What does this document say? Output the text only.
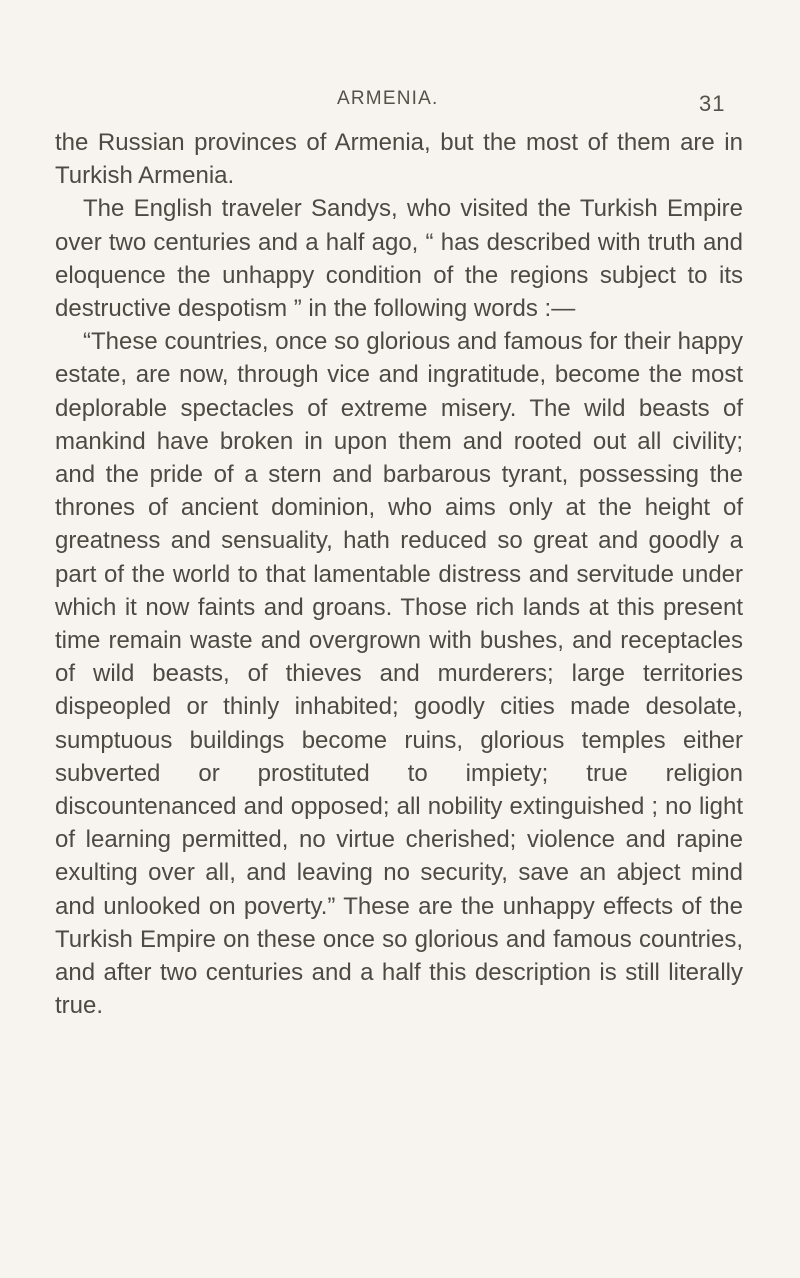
ARMENIA.	31

the Russian provinces of Armenia, but the most of them are in Turkish Armenia.

The English traveler Sandys, who visited the Turkish Empire over two centuries and a half ago, “ has described with truth and eloquence the unhappy condition of the regions subject to its destructive despotism ” in the following words :—

“These countries, once so glorious and famous for their happy estate, are now, through vice and ingratitude, become the most deplorable spectacles of extreme misery. The wild beasts of mankind have broken in upon them and rooted out all civility; and the pride of a stern and barbarous tyrant, possessing the thrones of ancient dominion, who aims only at the height of greatness and sensuality, hath reduced so great and goodly a part of the world to that lamentable distress and servitude under which it now faints and groans. Those rich lands at this present time remain waste and overgrown with bushes, and receptacles of wild beasts, of thieves and murderers; large territories dispeopled or thinly inhabited; goodly cities made desolate, sumptuous buildings become ruins, glorious temples either subverted or prostituted to impiety; true religion discountenanced and opposed; all nobility extinguished ; no light of learning permitted, no virtue cherished; violence and rapine exulting over all, and leaving no security, save an abject mind and unlooked on poverty.” These are the unhappy effects of the Turkish Empire on these once so glorious and famous countries, and after two centuries and a half this description is still literally true.
